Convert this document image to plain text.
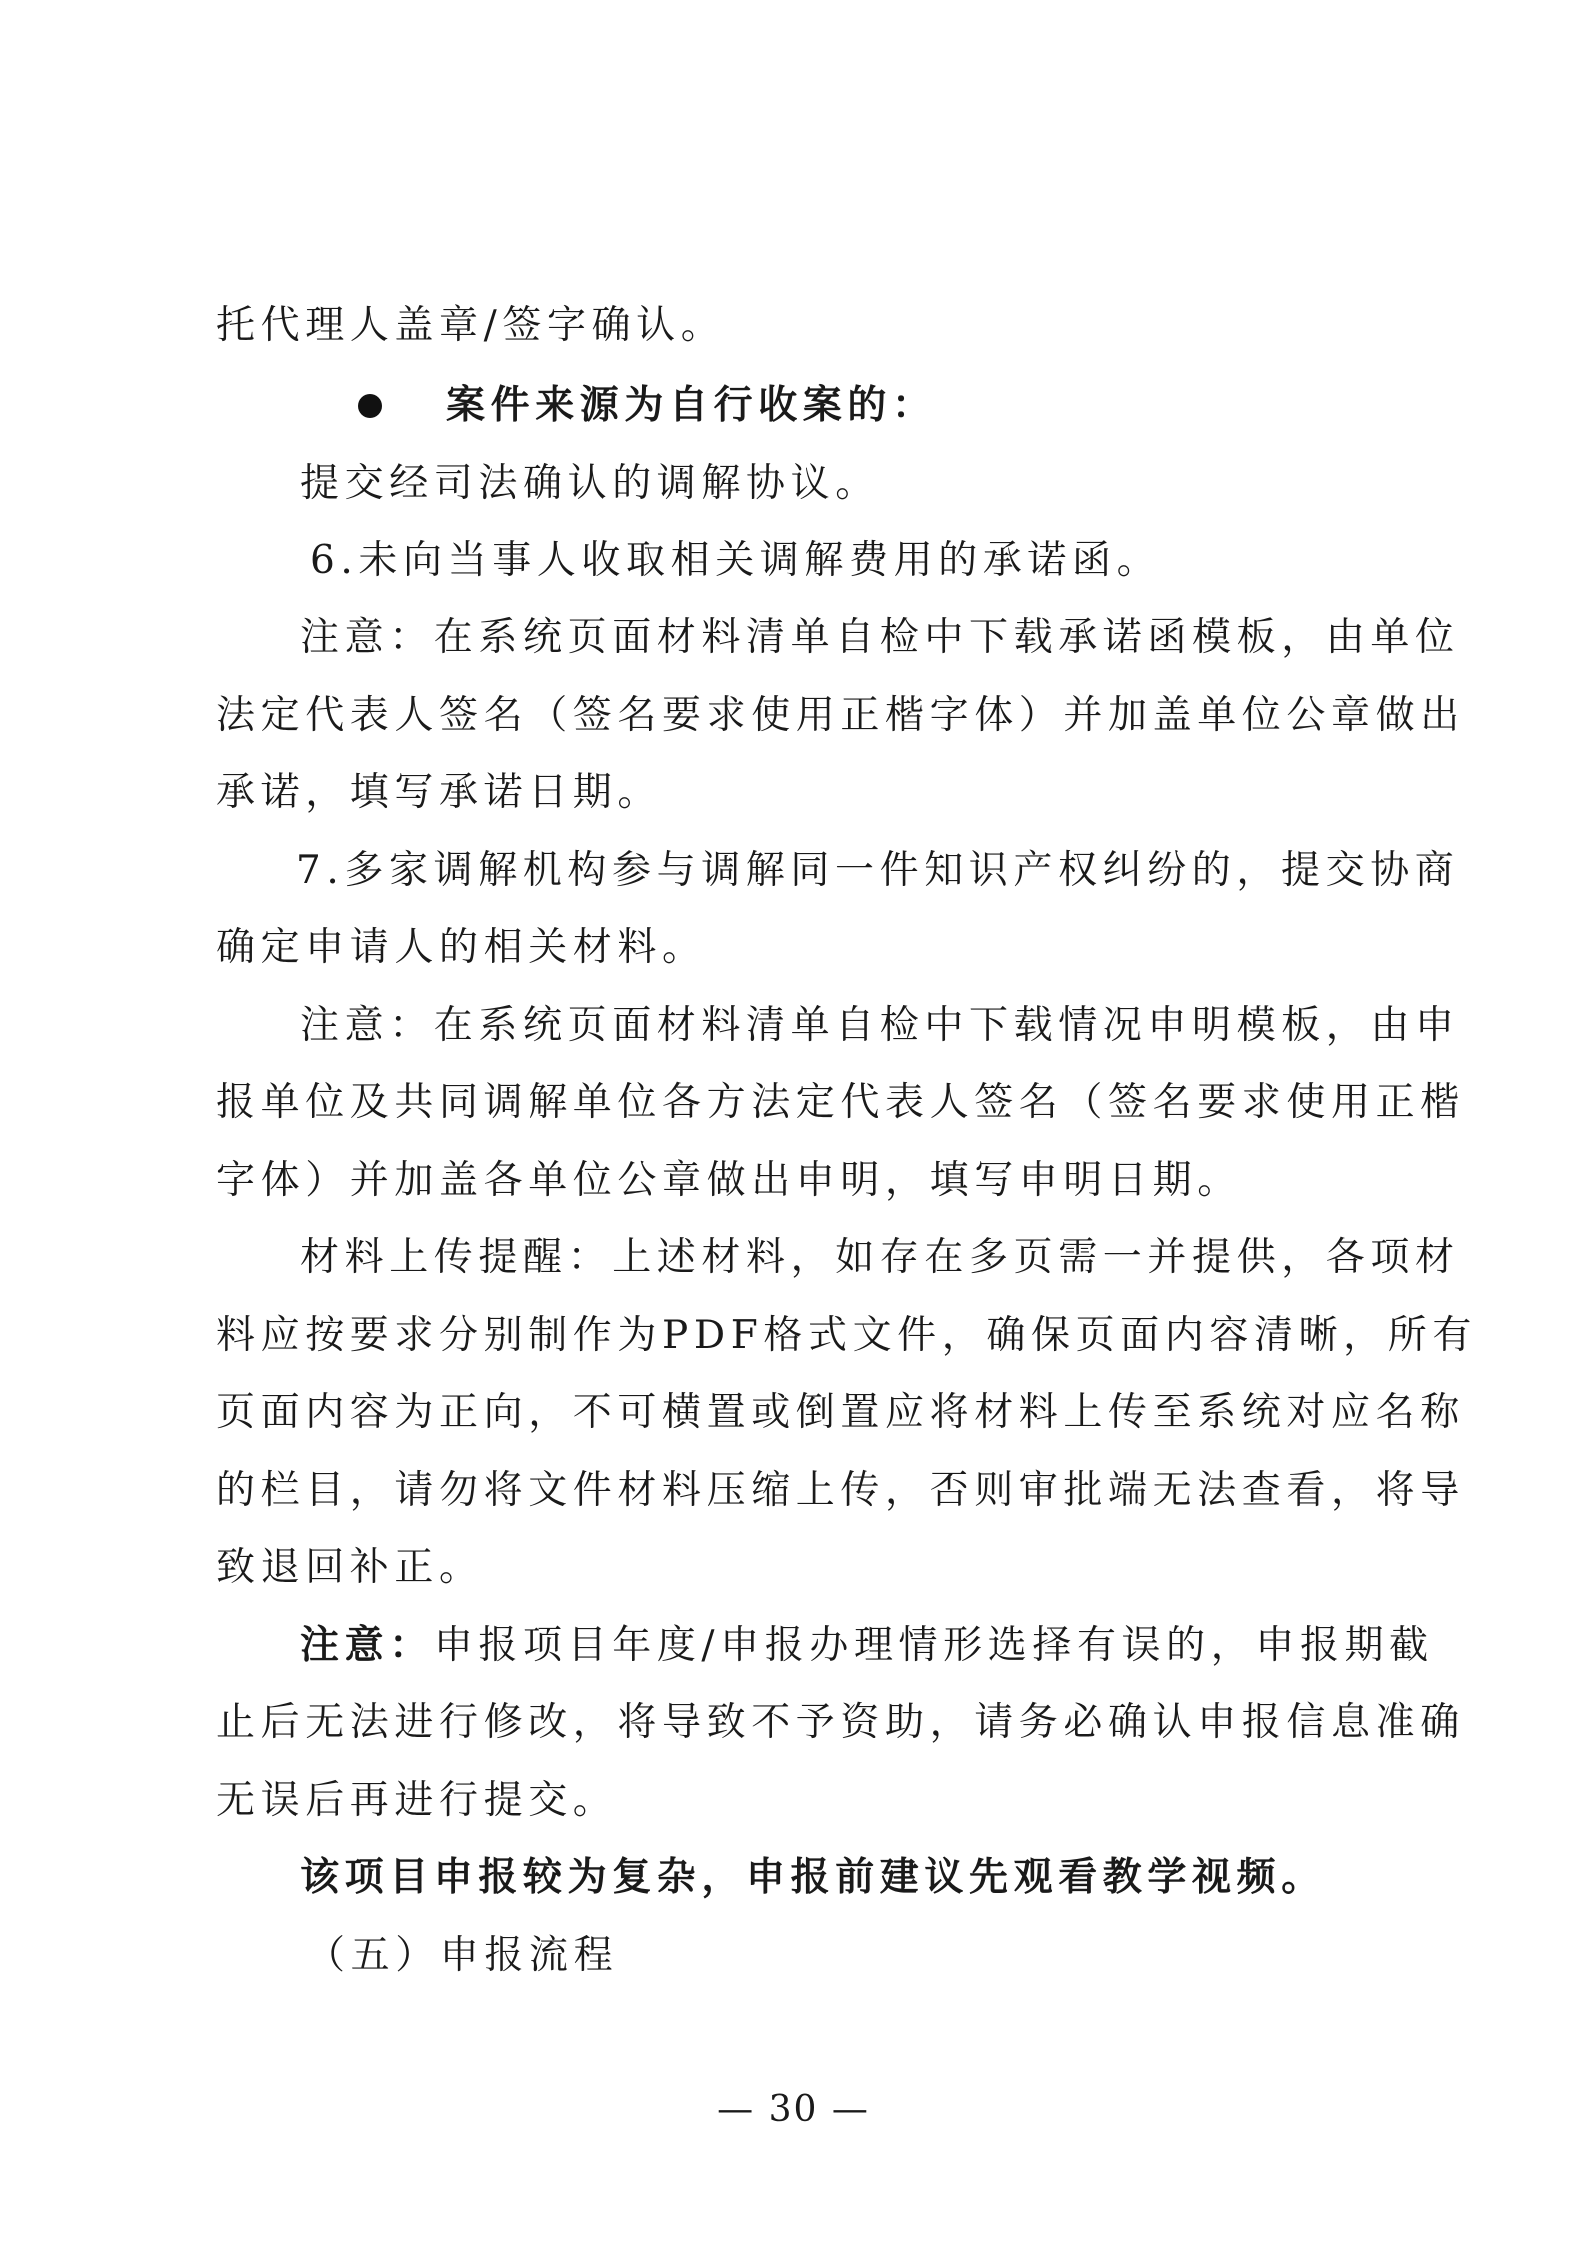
托代理人盖章/签字确认。
案件来源为自行收案的：
提交经司法确认的调解协议。
6.未向当事人收取相关调解费用的承诺函。
注意：在系统页面材料清单自检中下载承诺函模板，由单位
法定代表人签名（签名要求使用正楷字体）并加盖单位公章做出
承诺，填写承诺日期。
7.多家调解机构参与调解同一件知识产权纠纷的，提交协商
确定申请人的相关材料。
注意：在系统页面材料清单自检中下载情况申明模板，由申
报单位及共同调解单位各方法定代表人签名（签名要求使用正楷
字体）并加盖各单位公章做出申明，填写申明日期。
材料上传提醒：上述材料，如存在多页需一并提供，各项材
料应按要求分别制作为PDF格式文件，确保页面内容清晰，所有
页面内容为正向，不可横置或倒置应将材料上传至系统对应名称
的栏目，请勿将文件材料压缩上传，否则审批端无法查看，将导
致退回补正。
注意：申报项目年度/申报办理情形选择有误的，申报期截
止后无法进行修改，将导致不予资助，请务必确认申报信息准确
无误后再进行提交。
该项目申报较为复杂，申报前建议先观看教学视频。
（五）申报流程
— 30 —
